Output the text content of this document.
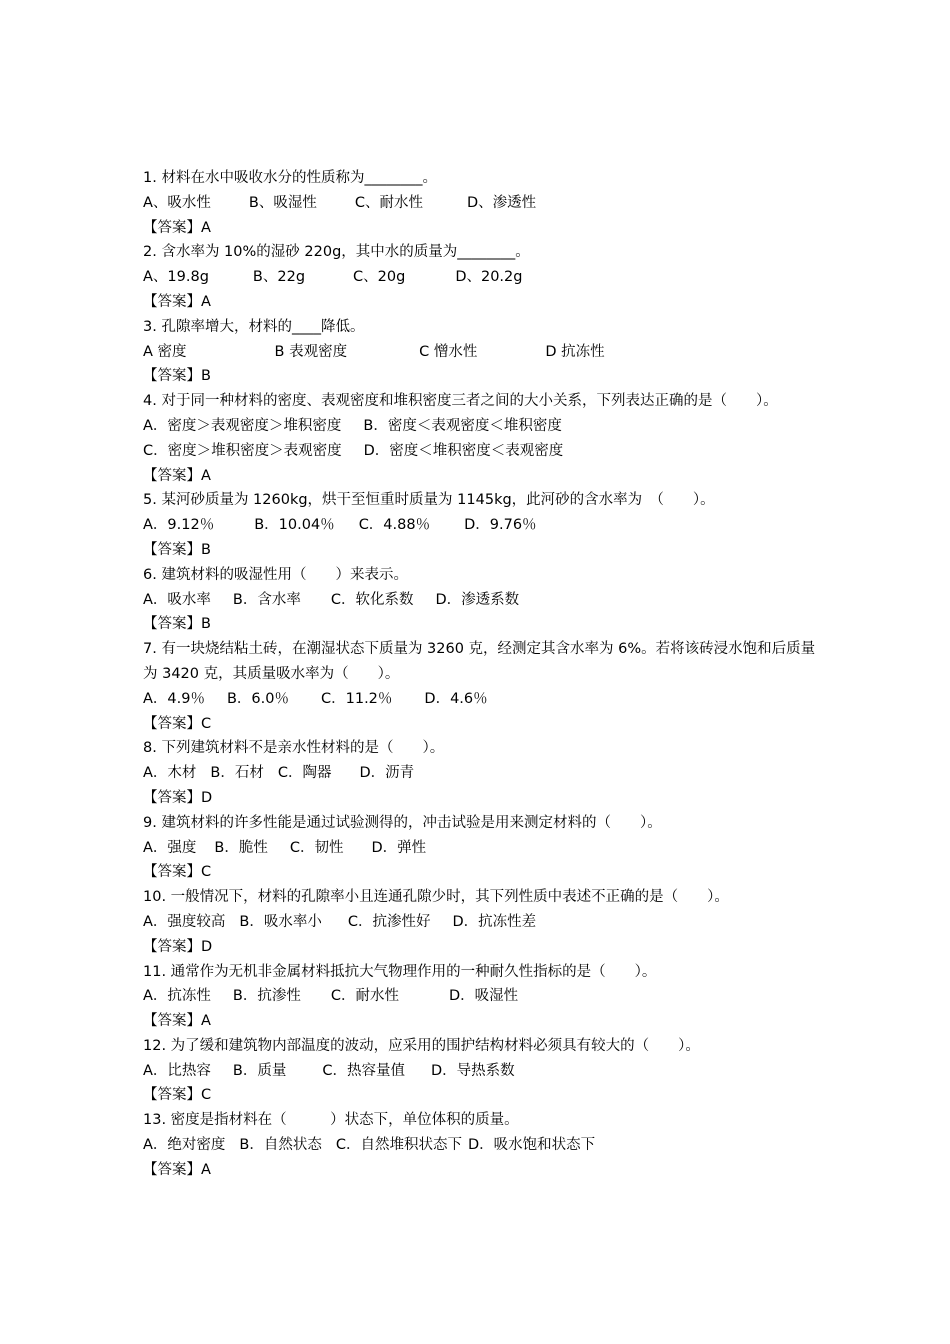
1. 材料在水中吸收水分的性质称为________。
A、吸水性	B、吸湿性	C、耐水性	D、渗透性
【答案】A
2. 含水率为 10%的湿砂 220g，其中水的质量为________。
A、19.8g	B、22g	C、20g	D、20.2g
【答案】A
3. 孔隙率增大，材料的____降低。
A 密度	B 表观密度	C 憎水性	D 抗冻性
【答案】B
4. 对于同一种材料的密度、表观密度和堆积密度三者之间的大小关系，下列表达正确的是（　　）。
A．密度＞表观密度＞堆积密度 B．密度＜表观密度＜堆积密度
C．密度＞堆积密度＞表观密度 D．密度＜堆积密度＜表观密度
【答案】A
5. 某河砂质量为 1260kg，烘干至恒重时质量为 1145kg，此河砂的含水率为　（　　）。
A．9.12％	B．10.04％ C．4.88％ D．9.76％
【答案】B
6. 建筑材料的吸湿性用（　　）来表示。
A．吸水率 B．含水率 C．软化系数 D．渗透系数
【答案】B
7. 有一块烧结粘土砖，在潮湿状态下质量为 3260 克，经测定其含水率为 6%。若将该砖浸水饱和后质量为 3420 克，其质量吸水率为（　　）。
A．4.9％ B．6.0％ C．11.2％ D．4.6％
【答案】C
8. 下列建筑材料不是亲水性材料的是（　　）。
A．木材 B．石材 C．陶器 D．沥青
【答案】D
9. 建筑材料的许多性能是通过试验测得的，冲击试验是用来测定材料的（　　）。
A．强度 B．脆性 C．韧性 D．弹性
【答案】C
10. 一般情况下，材料的孔隙率小且连通孔隙少时，其下列性质中表述不正确的是（　　）。
A．强度较高 B．吸水率小 C．抗渗性好 D．抗冻性差
【答案】D
11. 通常作为无机非金属材料抵抗大气物理作用的一种耐久性指标的是（　　）。
A．抗冻性 B．抗渗性 C．耐水性	D．吸湿性
【答案】A
12. 为了缓和建筑物内部温度的波动，应采用的围护结构材料必须具有较大的（　　）。
A．比热容 B．质量 C．热容量值 D．导热系数
【答案】C
13. 密度是指材料在（　　　）状态下，单位体积的质量。
A．绝对密度 B．自然状态 C．自然堆积状态下 D．吸水饱和状态下
【答案】A
